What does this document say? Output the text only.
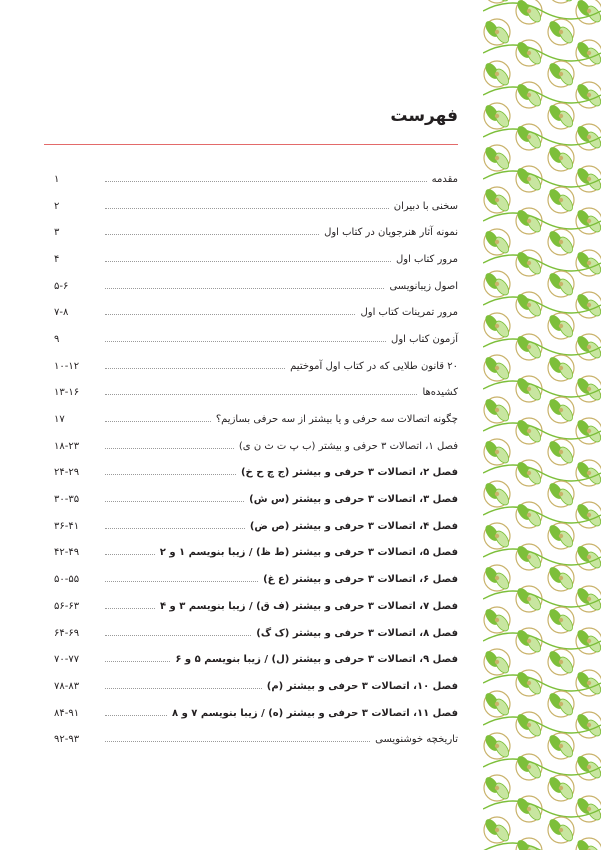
فهرست
مقدمه
۱
سخنی با دبیران
۲
نمونه آثار هنرجویان در کتاب اول
۳
مرور کتاب اول
۴
اصول زیبانویسی
۵-۶
مرور تمرینات کتاب اول
۷-۸
آزمون کتاب اول
۹
۲۰ قانون طلایی که در کتاب اول آموختیم
۱۰-۱۲
کشیده‌ها
۱۳-۱۶
چگونه اتصالات سه حرفی و یا بیشتر از سه حرفی بسازیم؟
۱۷
فصل ۱، اتصالات ۳ حرفی و بیشتر (ب پ ت ث ن ی)
۱۸-۲۳
فصل ۲، اتصالات ۳ حرفی و بیشتر (ج چ ح خ)
۲۴-۲۹
فصل ۳، اتصالات ۳ حرفی و بیشتر (س ش)
۳۰-۳۵
فصل ۴، اتصالات ۳ حرفی و بیشتر (ص ض)
۳۶-۴۱
فصل ۵، اتصالات ۳ حرفی و بیشتر (ط ظ) / زیبا بنویسم ۱ و ۲
۴۲-۴۹
فصل ۶، اتصالات ۳ حرفی و بیشتر (ع غ)
۵۰-۵۵
فصل ۷، اتصالات ۳ حرفی و بیشتر (ف ق) / زیبا بنویسم ۳ و ۴
۵۶-۶۳
فصل ۸، اتصالات ۳ حرفی و بیشتر (ک گ)
۶۴-۶۹
فصل ۹، اتصالات ۳ حرفی و بیشتر (ل) / زیبا بنویسم ۵ و ۶
۷۰-۷۷
فصل ۱۰، اتصالات ۳ حرفی و بیشتر (م)
۷۸-۸۳
فصل ۱۱، اتصالات ۳ حرفی و بیشتر (ه) / زیبا بنویسم ۷ و ۸
۸۴-۹۱
تاریخچه خوشنویسی
۹۲-۹۳
